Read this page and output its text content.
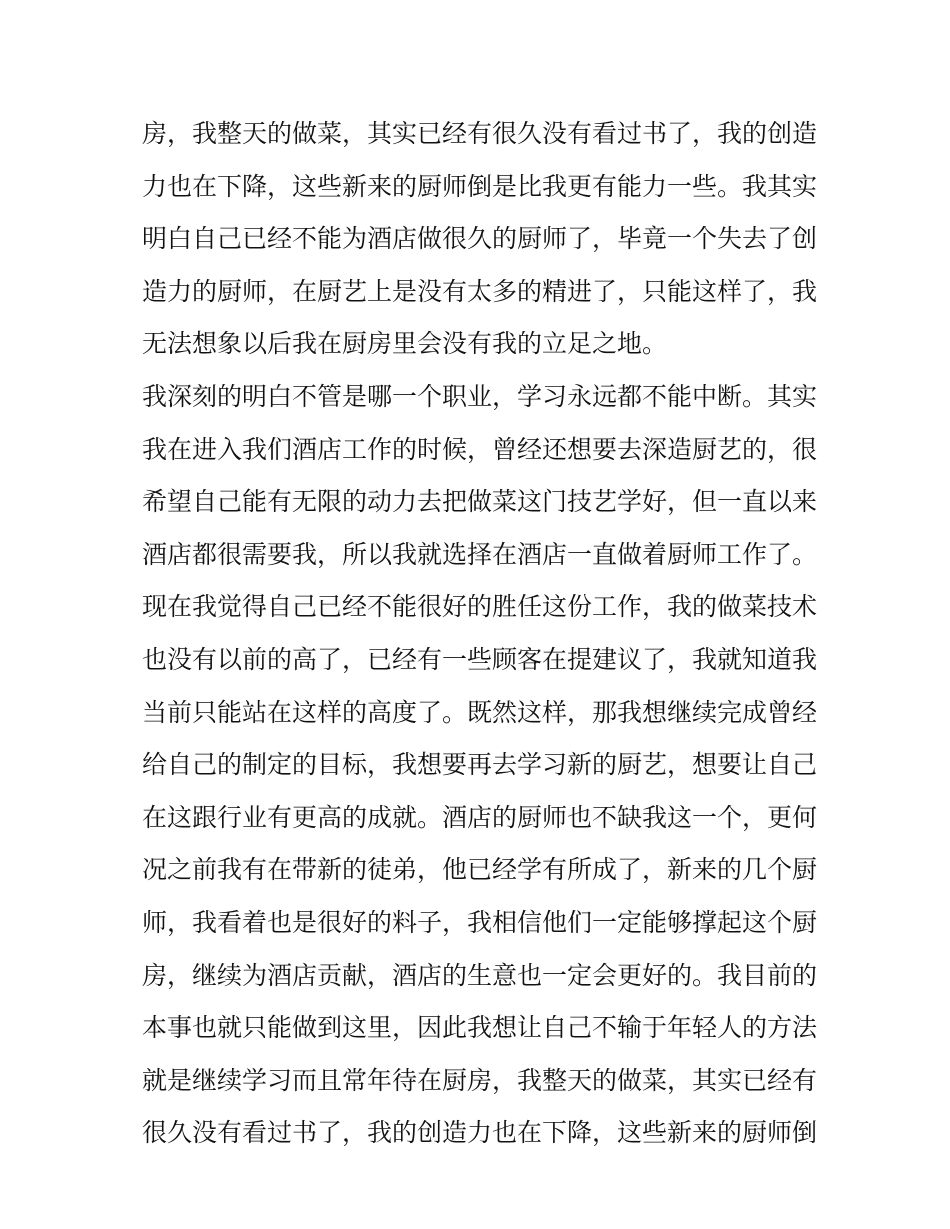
房，我整天的做菜，其实已经有很久没有看过书了，我的创造
力也在下降，这些新来的厨师倒是比我更有能力一些。我其实
明白自己已经不能为酒店做很久的厨师了，毕竟一个失去了创
造力的厨师，在厨艺上是没有太多的精进了，只能这样了，我
无法想象以后我在厨房里会没有我的立足之地。
我深刻的明白不管是哪一个职业，学习永远都不能中断。其实
我在进入我们酒店工作的时候，曾经还想要去深造厨艺的，很
希望自己能有无限的动力去把做菜这门技艺学好，但一直以来
酒店都很需要我，所以我就选择在酒店一直做着厨师工作了。
现在我觉得自己已经不能很好的胜任这份工作，我的做菜技术
也没有以前的高了，已经有一些顾客在提建议了，我就知道我
当前只能站在这样的高度了。既然这样，那我想继续完成曾经
给自己的制定的目标，我想要再去学习新的厨艺，想要让自己
在这跟行业有更高的成就。酒店的厨师也不缺我这一个，更何
况之前我有在带新的徒弟，他已经学有所成了，新来的几个厨
师，我看着也是很好的料子，我相信他们一定能够撑起这个厨
房，继续为酒店贡献，酒店的生意也一定会更好的。我目前的
本事也就只能做到这里，因此我想让自己不输于年轻人的方法
就是继续学习而且常年待在厨房，我整天的做菜，其实已经有
很久没有看过书了，我的创造力也在下降，这些新来的厨师倒
